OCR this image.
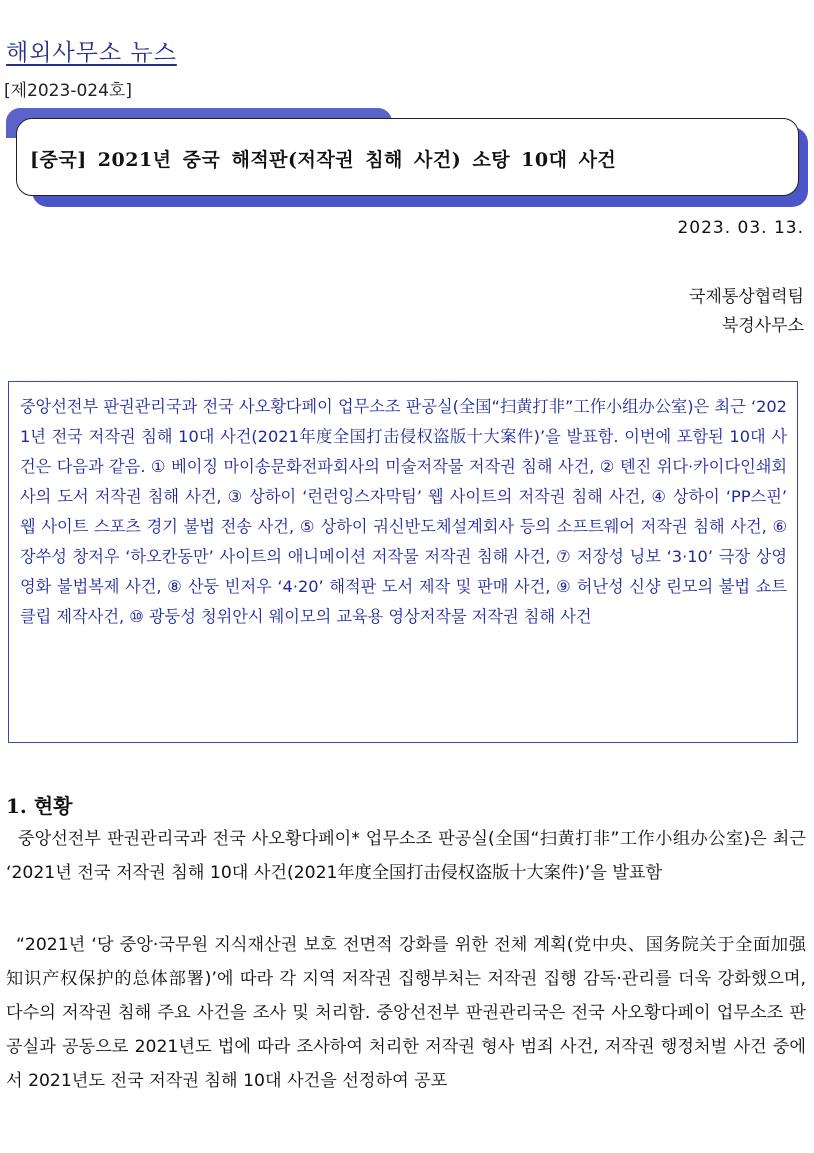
해외사무소 뉴스
[제2023-024호]
[중국] 2021년 중국 해적판(저작권 침해 사건) 소탕 10대 사건
2023. 03. 13.
국제통상협력팀
북경사무소
중앙선전부 판권관리국과 전국 사오황다페이 업무소조 판공실(全国“扫黄打非”工作小组办公室)은 최근 ‘2021년 전국 저작권 침해 10대 사건(2021年度全国打击侵权盗版十大案件)’을 발표함. 이번에 포함된 10대 사건은 다음과 같음. ① 베이징 마이송문화전파회사의 미술저작물 저작권 침해 사건, ② 톈진 위다·카이다인쇄회사의 도서 저작권 침해 사건, ③ 상하이 ‘런런잉스자막팀’ 웹 사이트의 저작권 침해 사건, ④ 상하이 ‘PP스핀’ 웹 사이트 스포츠 경기 불법 전송 사건, ⑤ 상하이 궈신반도체설계회사 등의 소프트웨어 저작권 침해 사건, ⑥ 장쑤성 창저우 ‘하오칸동만’ 사이트의 애니메이션 저작물 저작권 침해 사건, ⑦ 저장성 닝보 ‘3·10’ 극장 상영 영화 불법복제 사건, ⑧ 산둥 빈저우 ‘4·20’ 해적판 도서 제작 및 판매 사건, ⑨ 허난성 신샹 린모의 불법 쇼트 클립 제작사건, ⑩ 광둥성 청위안시 웨이모의 교육용 영상저작물 저작권 침해 사건
1. 현황
중앙선전부 판권관리국과 전국 사오황다페이* 업무소조 판공실(全国“扫黄打非”工作小组办公室)은 최근 ‘2021년 전국 저작권 침해 10대 사건(2021年度全国打击侵权盗版十大案件)’을 발표함
“2021년 ‘당 중앙·국무원 지식재산권 보호 전면적 강화를 위한 전체 계획(党中央、国务院关于全面加强知识产权保护的总体部署)’에 따라 각 지역 저작권 집행부처는 저작권 집행 감독·관리를 더욱 강화했으며, 다수의 저작권 침해 주요 사건을 조사 및 처리함. 중앙선전부 판권관리국은 전국 사오황다페이 업무소조 판공실과 공동으로 2021년도 법에 따라 조사하여 처리한 저작권 형사 범죄 사건, 저작권 행정처벌 사건 중에서 2021년도 전국 저작권 침해 10대 사건을 선정하여 공포
